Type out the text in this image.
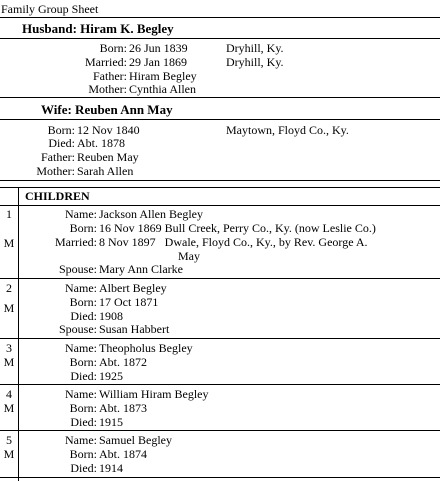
Family Group Sheet
Husband: Hiram K. Begley
Born: 26 Jun 1839	Dryhill, Ky.
Married: 29 Jan 1869	Dryhill, Ky.
Father: Hiram Begley
Mother: Cynthia Allen
Wife: Reuben Ann May
Born: 12 Nov 1840	Maytown, Floyd Co., Ky.
Died: Abt. 1878
Father: Reuben May
Mother: Sarah Allen
CHILDREN
1
M
Name: Jackson Allen Begley
Born: 16 Nov 1869 Bull Creek, Perry Co., Ky. (now Leslie Co.)
Married: 8 Nov 1897   Dwale, Floyd Co., Ky., by Rev. George A.
May
Spouse: Mary Ann Clarke
2
M
Name: Albert Begley
Born: 17 Oct 1871
Died: 1908
Spouse: Susan Habbert
3
M
Name: Theopholus Begley
Born: Abt. 1872
Died: 1925
4
M
Name: William Hiram Begley
Born: Abt. 1873
Died: 1915
5
M
Name: Samuel Begley
Born: Abt. 1874
Died: 1914
